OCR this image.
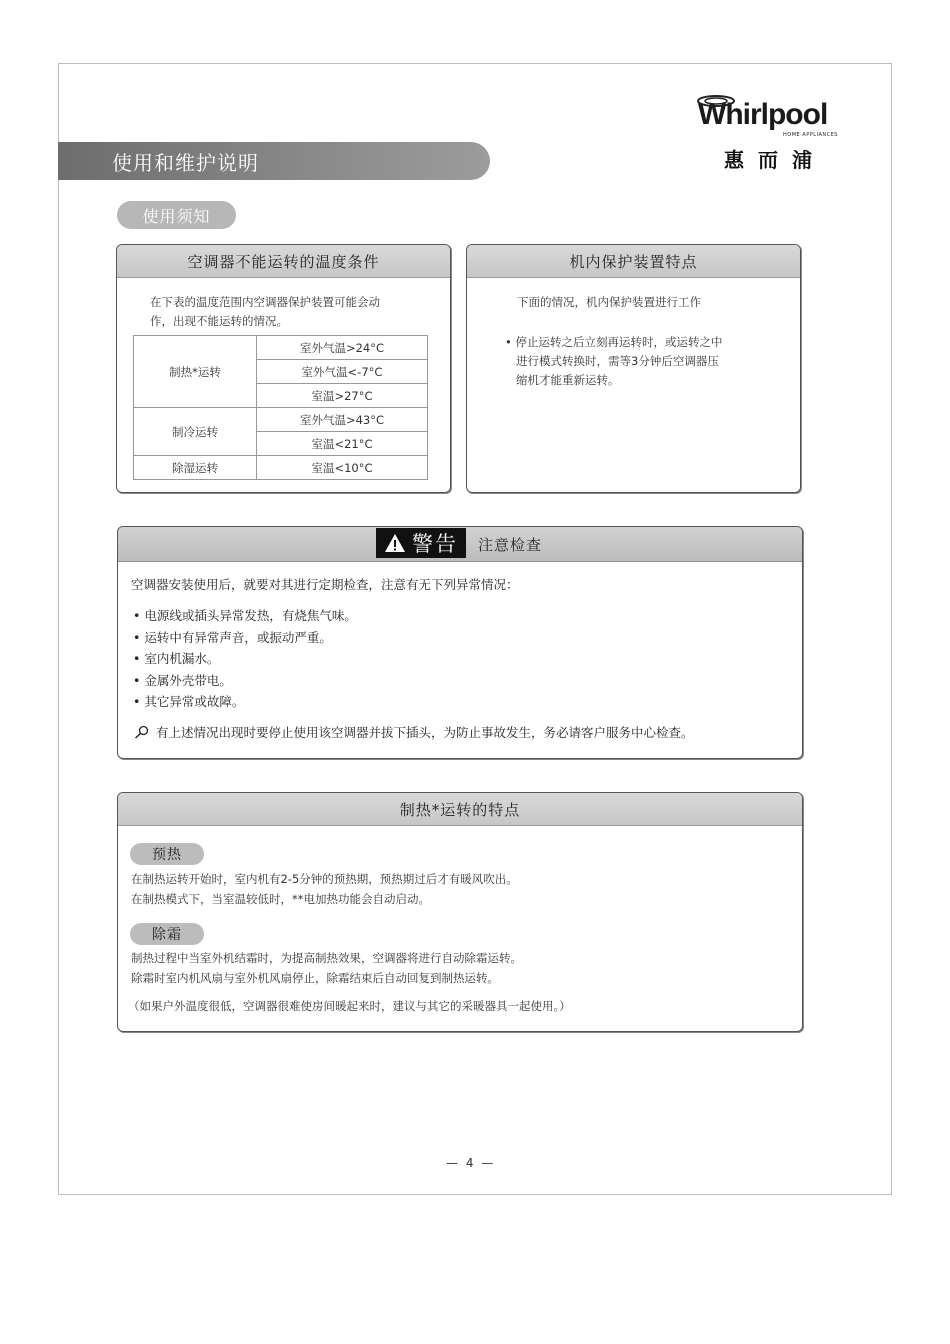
Whirlpool
HOME APPLIANCES
惠而浦
使用和维护说明
使用须知
空调器不能运转的温度条件
在下表的温度范围内空调器保护装置可能会动
作，出现不能运转的情况。
制热*运转	室外气温>24°C
	室外气温<-7°C
	室温>27°C
制冷运转	室外气温>43°C
	室温<21°C
除湿运转	室温<10°C
机内保护装置特点
下面的情况，机内保护装置进行工作
• 停止运转之后立刻再运转时，或运转之中
进行模式转换时，需等3分钟后空调器压
缩机才能重新运转。
警告 注意检查
空调器安装使用后，就要对其进行定期检查，注意有无下列异常情况：
• 电源线或插头异常发热，有烧焦气味。
• 运转中有异常声音，或振动严重。
• 室内机漏水。
• 金属外壳带电。
• 其它异常或故障。
有上述情况出现时要停止使用该空调器并拔下插头，为防止事故发生，务必请客户服务中心检查。
制热*运转的特点
预热
在制热运转开始时，室内机有2-5分钟的预热期，预热期过后才有暖风吹出。
在制热模式下，当室温较低时，**电加热功能会自动启动。
除霜
制热过程中当室外机结霜时，为提高制热效果，空调器将进行自动除霜运转。
除霜时室内机风扇与室外机风扇停止，除霜结束后自动回复到制热运转。
（如果户外温度很低，空调器很难使房间暖起来时，建议与其它的采暖器具一起使用。）
— 4 —
